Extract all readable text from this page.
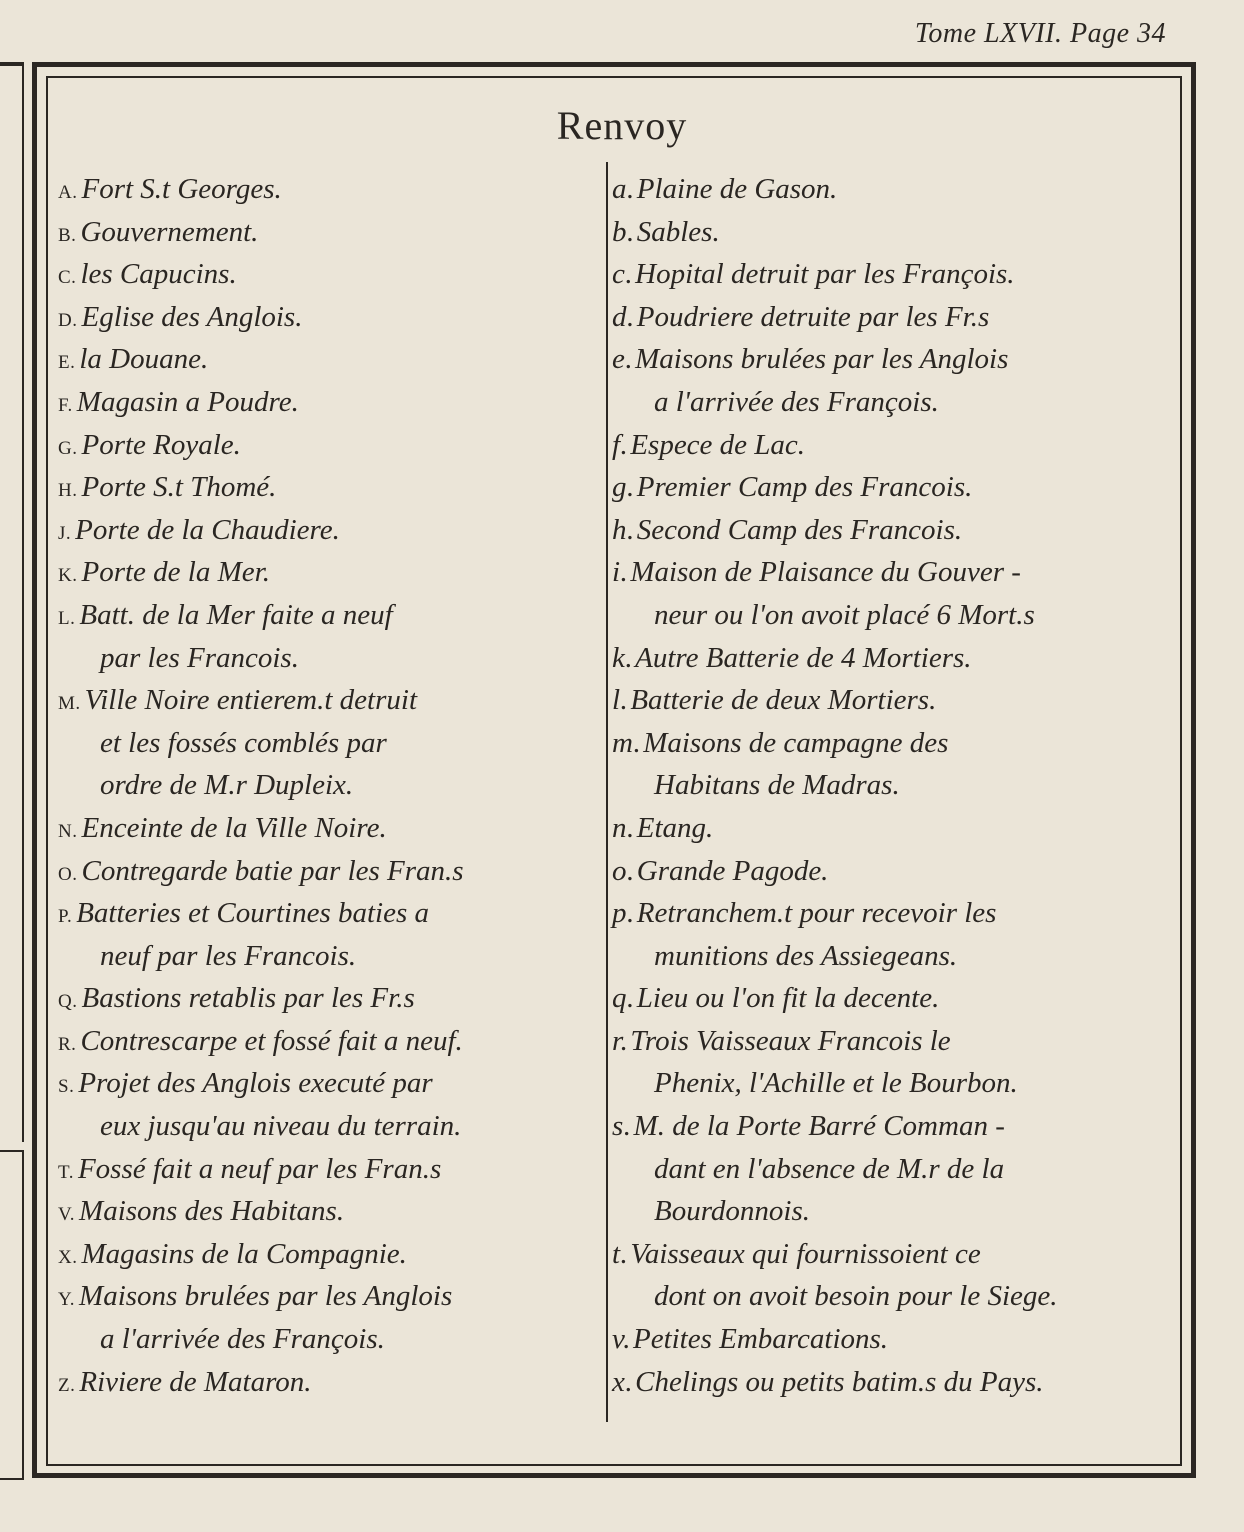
Tome LXVII. Page 34
Renvoy
A. Fort S.t Georges.
B. Gouvernement.
C. les Capucins.
D. Eglise des Anglois.
E. la Douane.
F. Magasin a Poudre.
G. Porte Royale.
H. Porte S.t Thomé.
J. Porte de la Chaudiere.
K. Porte de la Mer.
L. Batt. de la Mer faite a neuf
par les Francois.
M. Ville Noire entierem.t detruit
et les fossés comblés par
ordre de M.r Dupleix.
N. Enceinte de la Ville Noire.
O. Contregarde batie par les Fran.s
P. Batteries et Courtines baties a
neuf par les Francois.
Q. Bastions retablis par les Fr.s
R. Contrescarpe et fossé fait a neuf.
S. Projet des Anglois executé par
eux jusqu'au niveau du terrain.
T. Fossé fait a neuf par les Fran.s
V. Maisons des Habitans.
X. Magasins de la Compagnie.
Y. Maisons brulées par les Anglois
a l'arrivée des François.
Z. Riviere de Mataron.
a.Plaine de Gason.
b.Sables.
c.Hopital detruit par les François.
d.Poudriere detruite par les Fr.s
e.Maisons brulées par les Anglois
a l'arrivée des François.
f.Espece de Lac.
g.Premier Camp des Francois.
h.Second Camp des Francois.
i.Maison de Plaisance du Gouver -
neur ou l'on avoit placé 6 Mort.s
k.Autre Batterie de 4 Mortiers.
l.Batterie de deux Mortiers.
m.Maisons de campagne des
Habitans de Madras.
n.Etang.
o.Grande Pagode.
p.Retranchem.t pour recevoir les
munitions des Assiegeans.
q.Lieu ou l'on fit la decente.
r.Trois Vaisseaux Francois le
Phenix, l'Achille et le Bourbon.
s.M. de la Porte Barré Comman -
dant en l'absence de M.r de la
Bourdonnois.
t.Vaisseaux qui fournissoient ce
dont on avoit besoin pour le Siege.
v.Petites Embarcations.
x.Chelings ou petits batim.s du Pays.
